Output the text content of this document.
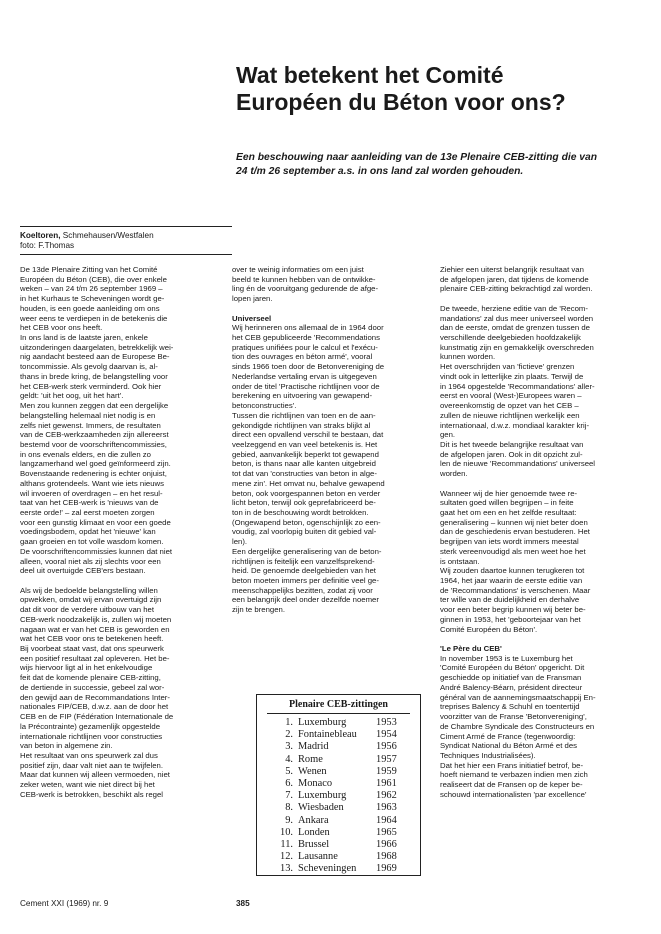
Wat betekent het Comité
Européen du Béton voor ons?
Een beschouwing naar aanleiding van de 13e Plenaire CEB-zitting die van
24 t/m 26 september a.s. in ons land zal worden gehouden.
Koeltoren, Schmehausen/Westfalen
foto: F.Thomas

De 13de Plenaire Zitting van het Comité
Européen du Béton (CEB), die over enkele
weken – van 24 t/m 26 september 1969 –
in het Kurhaus te Scheveningen wordt ge-
houden, is een goede aanleiding om ons
weer eens te verdiepen in de betekenis die
het CEB voor ons heeft.
In ons land is de laatste jaren, enkele
uitzonderingen daargelaten, betrekkelijk wei-
nig aandacht besteed aan de Europese Be-
toncommissie. Als gevolg daarvan is, al-
thans in brede kring, de belangstelling voor
het CEB-werk sterk verminderd. Ook hier
geldt: 'uit het oog, uit het hart'.
Men zou kunnen zeggen dat een dergelijke
belangstelling helemaal niet nodig is en
zelfs niet gewenst. Immers, de resultaten
van de CEB-werkzaamheden zijn allereerst
bestemd voor de voorschriftencommissies,
in ons evenals elders, en die zullen zo
langzamerhand wel goed geïnformeerd zijn.
Bovenstaande redenering is echter onjuist,
althans grotendeels. Want wie iets nieuws
wil invoeren of overdragen – en het resul-
taat van het CEB-werk is 'nieuws van de
eerste orde!' – zal eerst moeten zorgen
voor een gunstig klimaat en voor een goede
voedingsbodem, opdat het 'nieuwe' kan
gaan groeien en tot volle wasdom komen.
De voorschriftencommissies kunnen dat niet
alleen, vooral niet als zij slechts voor een
deel uit overtuigde CEB'ers bestaan.

Als wij de bedoelde belangstelling willen
opwekken, omdat wij ervan overtuigd zijn
dat dit voor de verdere uitbouw van het
CEB-werk noodzakelijk is, zullen wij moeten
nagaan wat er van het CEB is geworden en
wat het CEB voor ons te betekenen heeft.
Bij voorbeat staat vast, dat ons speurwerk
een positief resultaat zal opleveren. Het be-
wijs hiervoor ligt al in het enkelvoudige
feit dat de komende plenaire CEB-zitting,
de dertiende in successie, gebeel zal wor-
den gewijd aan de Recommandations Inter-
nationales FIP/CEB, d.w.z. aan de door het
CEB en de FIP (Fédération Internationale de
la Précontrainte) gezamenlijk opgestelde
internationale richtlijnen voor constructies
van beton in algemene zin.
Het resultaat van ons speurwerk zal dus
positief zijn, daar valt niet aan te twijfelen.
Maar dat kunnen wij alleen vermoeden, niet
zeker weten, want wie niet direct bij het
CEB-werk is betrokken, beschikt als regel

over te weinig informaties om een juist
beeld te kunnen hebben van de ontwikke-
ling én de vooruitgang gedurende de afge-
lopen jaren.

Universeel

Wij herinneren ons allemaal de in 1964 door
het CEB gepubliceerde 'Recommendations
pratiques unifiées pour le calcul et l'exécu-
tion des ouvrages en béton armé', vooral
sinds 1966 toen door de Betonvereniging de
Nederlandse vertaling ervan is uitgegeven
onder de titel 'Practische richtlijnen voor de
berekening en uitvoering van gewapend-
betonconstructies'.
Tussen die richtlijnen van toen en de aan-
gekondigde richtlijnen van straks blijkt al
direct een opvallend verschil te bestaan, dat
veelzeggend en van veel betekenis is. Het
gebied, aanvankelijk beperkt tot gewapend
beton, is thans naar alle kanten uitgebreid
tot dat van 'constructies van beton in alge-
mene zin'. Het omvat nu, behalve gewapend
beton, ook voorgespannen beton en verder
licht beton, terwijl ook geprefabriceerd be-
ton in de beschouwing wordt betrokken.
(Ongewapend beton, ogenschijnlijk zo een-
voudig, zal voorlopig buiten dit gebied val-
len).
Een dergelijke generalisering van de beton-
richtlijnen is feitelijk een vanzelfsprekend-
heid. De genoemde deelgebieden van het
beton moeten immers per definitie veel ge-
meenschappelijks bezitten, zodat zij voor
een belangrijk deel onder dezelfde noemer
zijn te brengen.

Ziehier een uiterst belangrijk resultaat van
de afgelopen jaren, dat tijdens de komende
plenaire CEB-zitting bekrachtigd zal worden.

De tweede, herziene editie van de 'Recom-
mandations' zal dus meer universeel worden
dan de eerste, omdat de grenzen tussen de
verschillende deelgebieden hoofdzakelijk
kunstmatig zijn en gemakkelijk overschreden
kunnen worden.
Het overschrijden van 'fictieve' grenzen
vindt ook in letterlijke zin plaats. Terwijl de
in 1964 opgestelde 'Recommandations' aller-
eerst en vooral (West-)Europees waren –
overeenkomstig de opzet van het CEB –
zullen de nieuwe richtlijnen werkelijk een
internationaal, d.w.z. mondiaal karakter krij-
gen.
Dit is het tweede belangrijke resultaat van
de afgelopen jaren. Ook in dit opzicht zul-
len de nieuwe 'Recommandations' universeel
worden.

Wanneer wij de hier genoemde twee re-
sultaten goed willen begrijpen – in feite
gaat het om een en het zelfde resultaat:
generalisering – kunnen wij niet beter doen
dan de geschiedenis ervan bestuderen. Het
begrijpen van iets wordt immers meestal
sterk vereenvoudigd als men weet hoe het
is ontstaan.
Wij zouden daartoe kunnen terugkeren tot
1964, het jaar waarin de eerste editie van
de 'Recommandations' is verschenen. Maar
ter wille van de duidelijkheid en derhalve
voor een beter begrip kunnen wij beter be-
ginnen in 1953, het 'geboortejaar van het
Comité Européen du Béton'.

'Le Père du CEB'

In november 1953 is te Luxemburg het
'Comité Européen du Béton' opgericht. Dit
geschiedde op initiatief van de Fransman
André Balency-Béarn, président directeur
général van de aannemingsmaatschappij En-
treprises Balency & Schuhl en toentertijd
voorzitter van de Franse 'Betonvereniging',
de Chambre Syndicale des Constructeurs en
Ciment Armé de France (tegenwoordig:
Syndicat National du Béton Armé et des
Techniques Industrialisées).
Dat het hier een Frans initiatief betrof, be-
hoeft niemand te verbazen indien men zich
realiseert dat de Fransen op de keper be-
schouwd internationalisten 'par excellence'

Plenaire CEB-zittingen
1. Luxemburg	1953
2. Fontainebleau	1954
3. Madrid	1956
4. Rome	1957
5. Wenen	1959
6. Monaco	1961
7. Luxemburg	1962
8. Wiesbaden	1963
9. Ankara	1964
10. Londen	1965
11. Brussel	1966
12. Lausanne	1968
13. Scheveningen	1969
Cement XXI (1969) nr. 9	385
